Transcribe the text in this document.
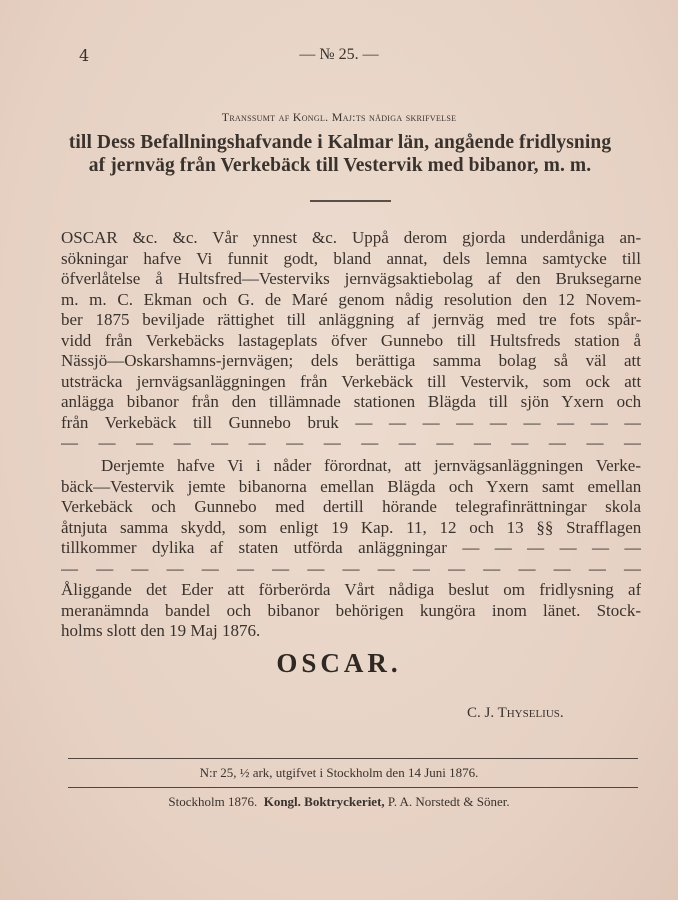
4	— № 25. —
Transsumt af Kongl. Maj:ts nådiga skrifvelse
till Dess Befallningshafvande i Kalmar län, angående fridlysning
af jernväg från Verkebäck till Vestervik med bibanor, m. m.
OSCAR &c. &c. Vår ynnest &c. Uppå derom gjorda underdåniga an-
sökningar hafve Vi funnit godt, bland annat, dels lemna samtycke till
öfverlåtelse å Hultsfred—Vesterviks jernvägsaktiebolag af den Bruksegarne
m. m. C. Ekman och G. de Maré genom nådig resolution den 12 Novem-
ber 1875 beviljade rättighet till anläggning af jernväg med tre fots spår-
vidd från Verkebäcks lastageplats öfver Gunnebo till Hultsfreds station å
Nässjö—Oskarshamns-jernvägen; dels berättiga samma bolag så väl att
utsträcka jernvägsanläggningen från Verkebäck till Vestervik, som ock att
anlägga bibanor från den tillämnade stationen Blägda till sjön Yxern och
från Verkebäck till Gunnebo bruk — — — — — — — — —
— — — — — — — — — — — — — — — —
Derjemte hafve Vi i nåder förordnat, att jernvägsanläggningen Verke-
bäck—Vestervik jemte bibanorna emellan Blägda och Yxern samt emellan
Verkebäck och Gunnebo med dertill hörande telegrafinrättningar skola
åtnjuta samma skydd, som enligt 19 Kap. 11, 12 och 13 §§ Strafflagen
tillkommer dylika af staten utförda anläggningar — — — — — —
— — — — — — — — — — — — — — — — —
Åliggande det Eder att förberörda Vårt nådiga beslut om fridlysning af
meranämnda bandel och bibanor behörigen kungöra inom länet. Stock-
holms slott den 19 Maj 1876.
OSCAR.
C. J. Thyselius.
N:r 25, ½ ark, utgifvet i Stockholm den 14 Juni 1876.
Stockholm 1876. Kongl. Boktryckeriet, P. A. Norstedt & Söner.
